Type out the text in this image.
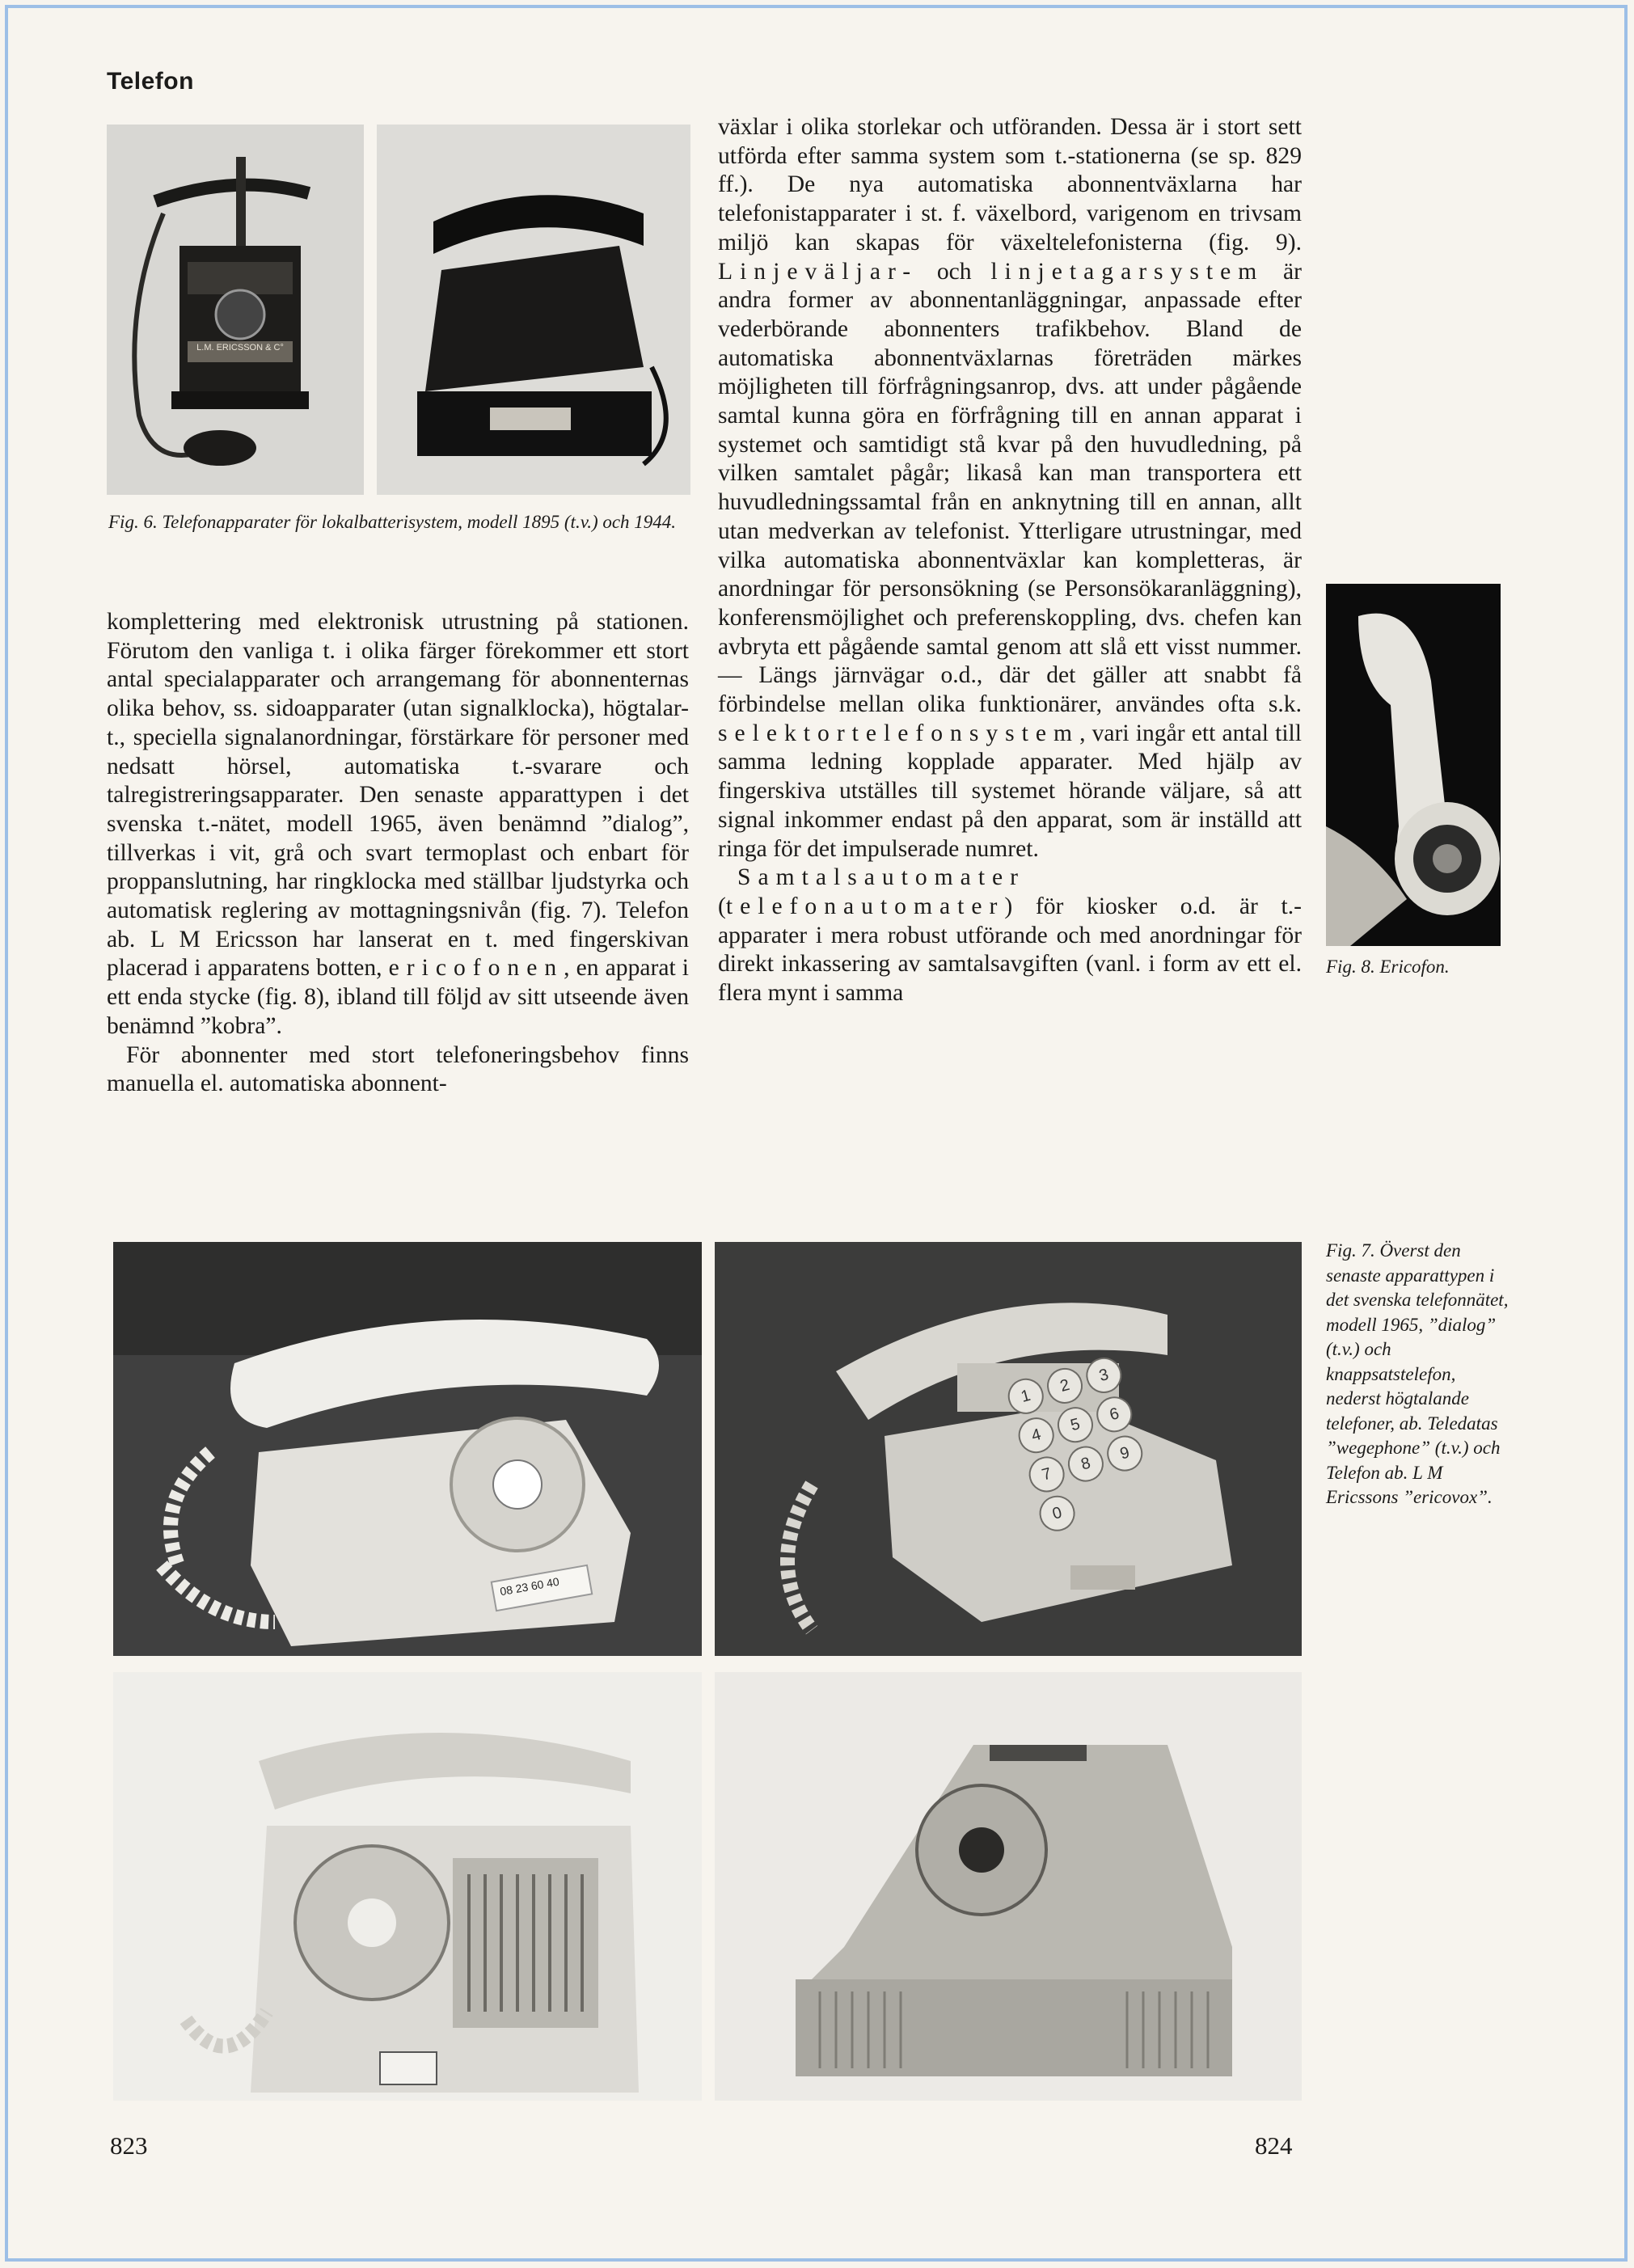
Telefon
L.M. ERICSSON & C°
Fig. 6. Telefonapparater för lokalbatterisystem, modell 1895 (t.v.) och 1944.

komplettering med elektronisk utrustning på stationen. Förutom den vanliga t. i olika färger förekommer ett stort antal specialapparater och arrangemang för abonnenternas olika behov, ss. sidoapparater (utan signalklocka), högtalar-t., speciella signalanordningar, förstärkare för personer med nedsatt hörsel, automatiska t.-svarare och talregistreringsapparater. Den senaste apparattypen i det svenska t.-nätet, modell 1965, även benämnd ”dialog”, tillverkas i vit, grå och svart termoplast och enbart för proppanslutning, har ringklocka med ställbar ljudstyrka och automatisk reglering av mottagningsnivån (fig. 7). Telefon ab. L M Ericsson har lanserat en t. med fingerskivan placerad i apparatens botten, ericofonen, en apparat i ett enda stycke (fig. 8), ibland till följd av sitt utseende även benämnd ”kobra”.

För abonnenter med stort telefoneringsbehov finns manuella el. automatiska abonnent-

växlar i olika storlekar och utföranden. Dessa är i stort sett utförda efter samma system som t.-stationerna (se sp. 829 ff.). De nya automatiska abonnentväxlarna har telefonistapparater i st. f. växelbord, varigenom en trivsam miljö kan skapas för växeltelefonisterna (fig. 9). Linjeväljar- och linjetagarsystem är andra former av abonnentanläggningar, anpassade efter vederbörande abonnenters trafikbehov. Bland de automatiska abonnentväxlarnas företräden märkes möjligheten till förfrågningsanrop, dvs. att under pågående samtal kunna göra en förfrågning till en annan apparat i systemet och samtidigt stå kvar på den huvudledning, på vilken samtalet pågår; likaså kan man transportera ett huvudledningssamtal från en anknytning till en annan, allt utan medverkan av telefonist. Ytterligare utrustningar, med vilka automatiska abonnentväxlar kan kompletteras, är anordningar för personsökning (se Personsökaranläggning), konferensmöjlighet och preferenskoppling, dvs. chefen kan avbryta ett pågående samtal genom att slå ett visst nummer. — Längs järnvägar o.d., där det gäller att snabbt få förbindelse mellan olika funktionärer, användes ofta s.k. selektortelefonsystem, vari ingår ett antal till samma ledning kopplade apparater. Med hjälp av fingerskiva utställes till systemet hörande väljare, så att signal inkommer endast på den apparat, som är inställd att ringa för det impulserade numret.

Samtalsautomater (telefonautomater) för kiosker o.d. är t.-apparater i mera robust utförande och med anordningar för direkt inkassering av samtalsavgiften (vanl. i form av ett el. flera mynt i samma

Fig. 8. Ericofon.
08 23 60 40
1
2
3
4
5
6
7
8
9
0
Fig. 7. Överst den senaste apparattypen i det svenska telefonnätet, modell 1965, ”dialog” (t.v.) och knappsatstelefon, nederst högtalande telefoner, ab. Teledatas ”wegephone” (t.v.) och Telefon ab. L M Ericssons ”ericovox”.
823	824
